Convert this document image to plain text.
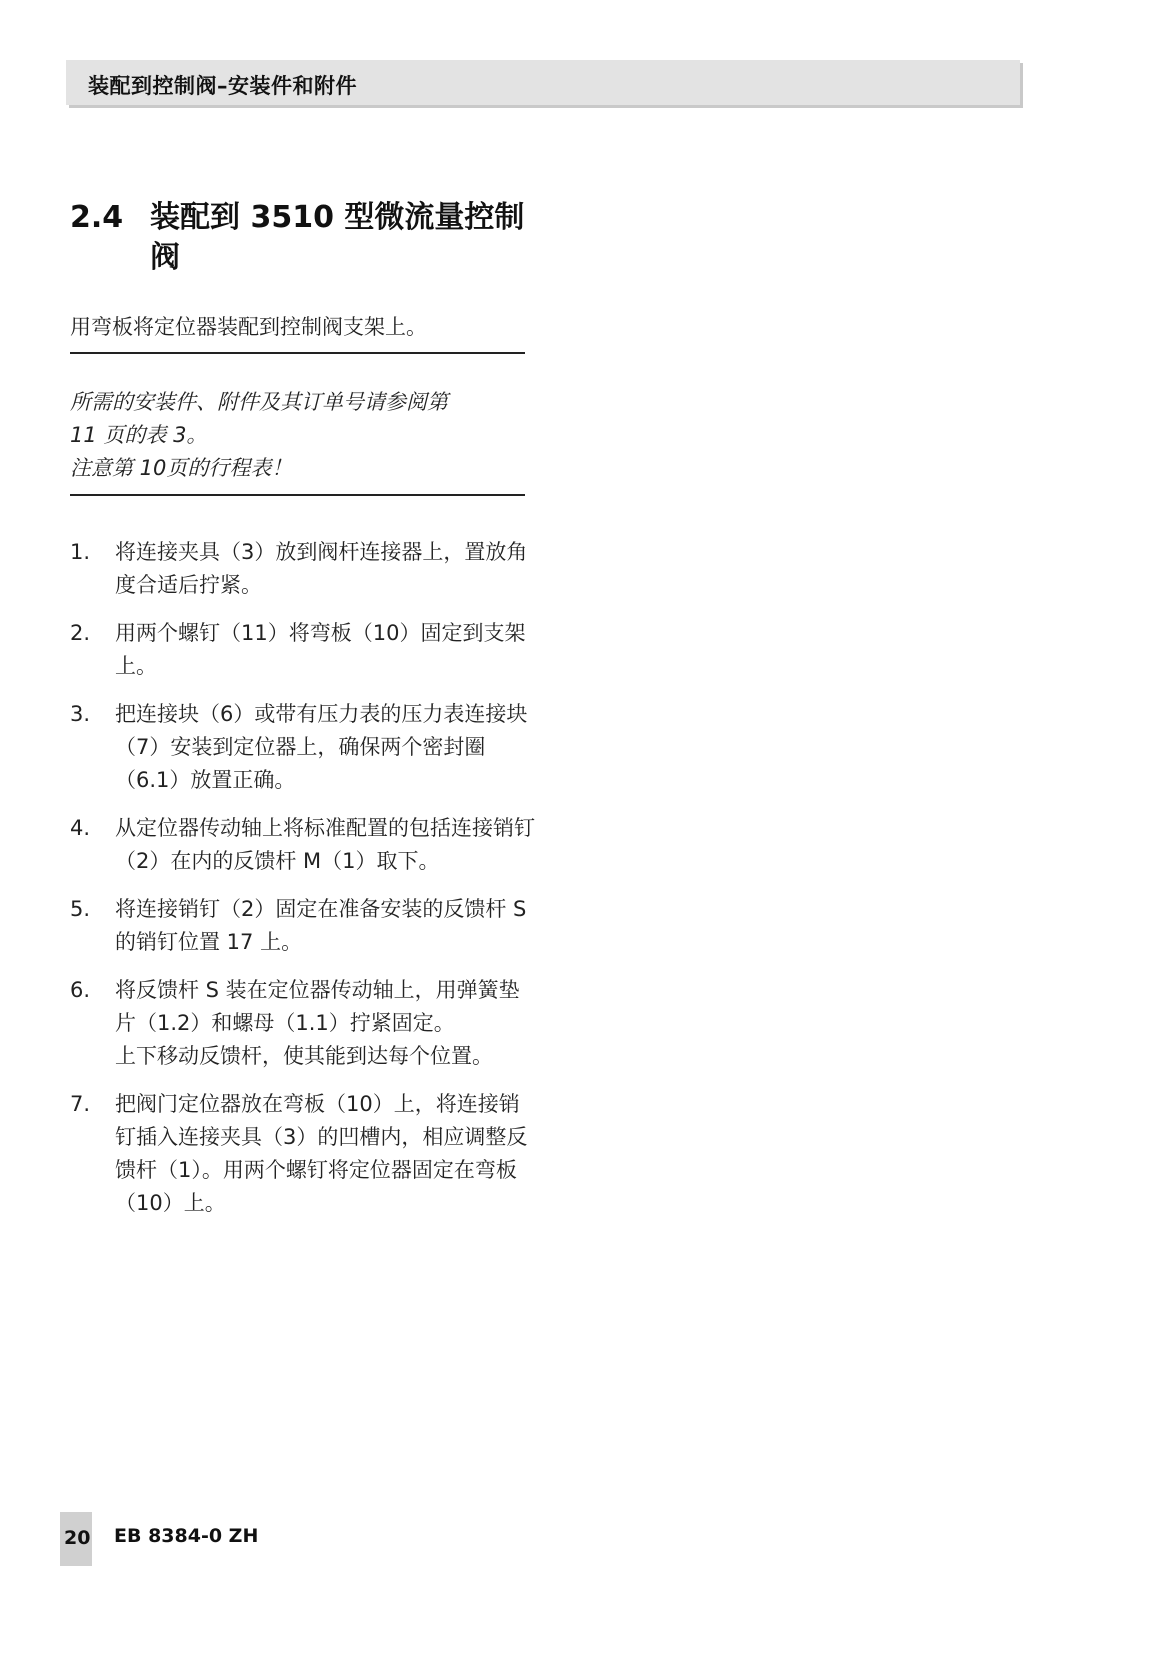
装配到控制阀–安装件和附件
2.4 装配到 3510 型微流量控制阀
用弯板将定位器装配到控制阀支架上。
所需的安装件、附件及其订单号请参阅第
11 页的表 3。
注意第 10页的行程表！
1.	将连接夹具（3）放到阀杆连接器上，置放角度合适后拧紧。
2.	用两个螺钉（11）将弯板（10）固定到支架上。
3.	把连接块（6）或带有压力表的压力表连接块（7）安装到定位器上，确保两个密封圈（6.1）放置正确。
4.	从定位器传动轴上将标准配置的包括连接销钉（2）在内的反馈杆 M（1）取下。
5.	将连接销钉（2）固定在准备安装的反馈杆 S 的销钉位置 17 上。
6.	将反馈杆 S 装在定位器传动轴上，用弹簧垫片（1.2）和螺母（1.1）拧紧固定。
上下移动反馈杆，使其能到达每个位置。
7.	把阀门定位器放在弯板（10）上，将连接销钉插入连接夹具（3）的凹槽内，相应调整反馈杆（1）。用两个螺钉将定位器固定在弯板（10）上。
20 EB 8384-0 ZH
